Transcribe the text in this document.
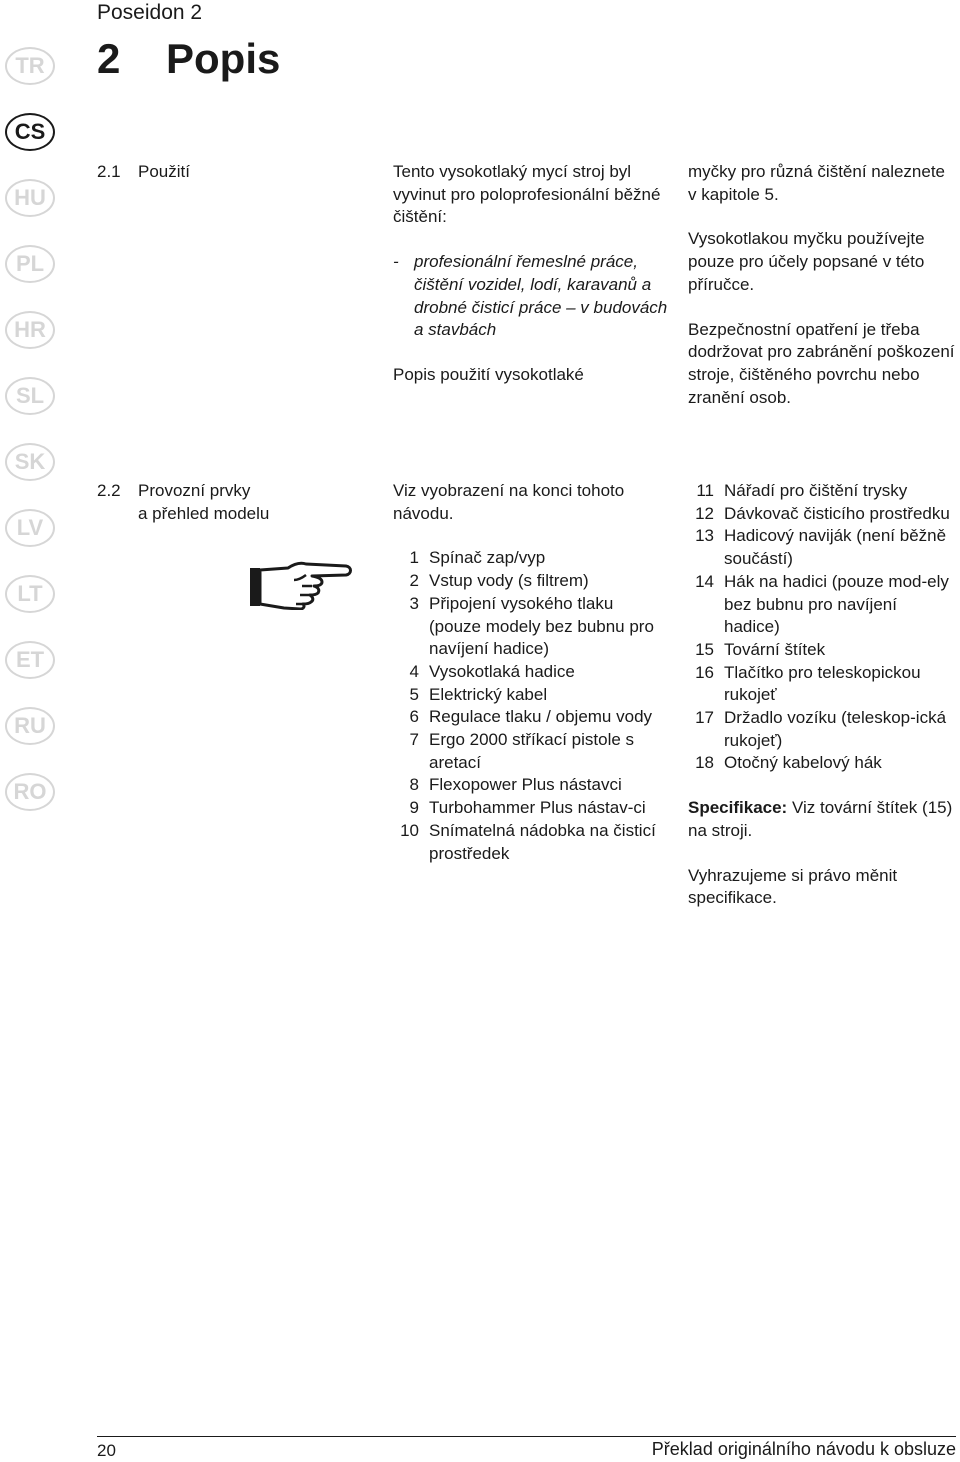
Poseidon 2
2 Popis
TR
CS
HU
PL
HR
SL
SK
LV
LT
ET
RU
RO
2.1 Použití	Tento vysokotlaký mycí stroj byl vyvinut pro poloprofesionální běžné čištění:

- profesionální řemeslné práce, čištění vozidel, lodí, karavanů a drobné čisticí práce – v budovách a stavbách

Popis použití vysokotlaké

myčky pro různá čištění naleznete v kapitole 5.

Vysokotlakou myčku používejte pouze pro účely popsané v této příručce.

Bezpečnostní opatření je třeba dodržovat pro zabránění poškození stroje, čištěného povrchu nebo zranění osob.

2.2 Provozní prvky
a přehled modelu

Viz vyobrazení na konci tohoto návodu.

1 Spínač zap/vyp
2 Vstup vody (s filtrem)
3 Připojení vysokého tlaku (pouze modely bez bubnu pro navíjení hadice)
4 Vysokotlaká hadice
5 Elektrický kabel
6 Regulace tlaku / objemu vody
7 Ergo 2000 stříkací pistole s aretací
8 Flexopower Plus nástavci
9 Turbohammer Plus nástav-ci
10 Snímatelná nádobka na čisticí prostředek
11 Nářadí pro čištění trysky
12 Dávkovač čisticího prostředku
13 Hadicový naviják (není běžně součástí)
14 Hák na hadici (pouze mod-ely bez bubnu pro navíjení hadice)
15 Tovární štítek
16 Tlačítko pro teleskopickou rukojeť
17 Držadlo vozíku (teleskop-ická rukojeť)
18 Otočný kabelový hák

Specifikace: Viz tovární štítek (15) na stroji.

Vyhrazujeme si právo měnit specifikace.

20	Překlad originálního návodu k obsluze
